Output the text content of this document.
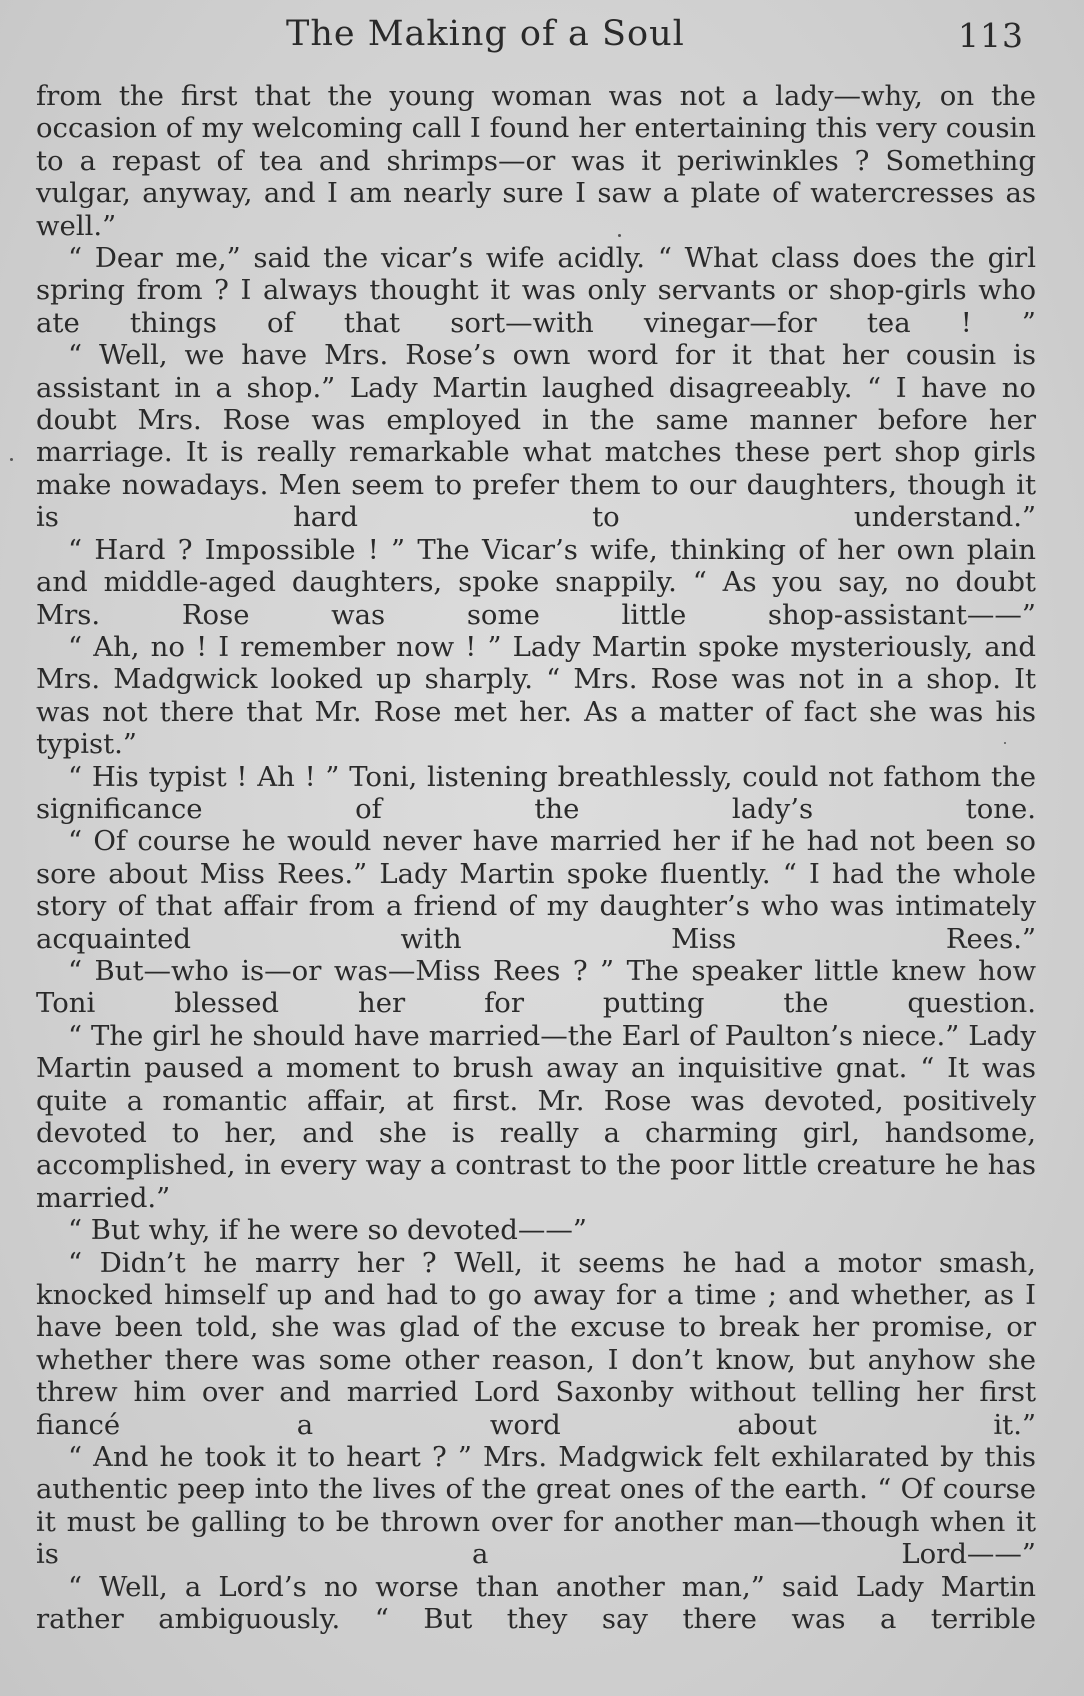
The Making of a Soul	113

from the first that the young woman was not a lady—why, on the occasion of my welcoming call I found her entertaining this very cousin to a repast of tea and shrimps—or was it periwinkles ? Something vulgar, anyway, and I am nearly sure I saw a plate of watercresses as well.”

“ Dear me,” said the vicar’s wife acidly. “ What class does the girl spring from ? I always thought it was only servants or shop-girls who ate things of that sort—with vinegar—for tea ! ”

“ Well, we have Mrs. Rose’s own word for it that her cousin is assistant in a shop.” Lady Martin laughed disagreeably. “ I have no doubt Mrs. Rose was employed in the same manner before her marriage. It is really remarkable what matches these pert shop girls make nowadays. Men seem to prefer them to our daughters, though it is hard to understand.”

“ Hard ? Impossible ! ” The Vicar’s wife, thinking of her own plain and middle-aged daughters, spoke snappily. “ As you say, no doubt Mrs. Rose was some little shop-assistant——”

“ Ah, no ! I remember now ! ” Lady Martin spoke mysteriously, and Mrs. Madgwick looked up sharply. “ Mrs. Rose was not in a shop. It was not there that Mr. Rose met her. As a matter of fact she was his typist.”

“ His typist ! Ah ! ” Toni, listening breathlessly, could not fathom the significance of the lady’s tone.

“ Of course he would never have married her if he had not been so sore about Miss Rees.” Lady Martin spoke fluently. “ I had the whole story of that affair from a friend of my daughter’s who was intimately acquainted with Miss Rees.”

“ But—who is—or was—Miss Rees ? ” The speaker little knew how Toni blessed her for putting the question.

“ The girl he should have married—the Earl of Paulton’s niece.” Lady Martin paused a moment to brush away an inquisitive gnat. “ It was quite a romantic affair, at first. Mr. Rose was devoted, positively devoted to her, and she is really a charming girl, handsome, accomplished, in every way a contrast to the poor little creature he has married.”

“ But why, if he were so devoted——”

“ Didn’t he marry her ? Well, it seems he had a motor smash, knocked himself up and had to go away for a time ; and whether, as I have been told, she was glad of the excuse to break her promise, or whether there was some other reason, I don’t know, but anyhow she threw him over and married Lord Saxonby without telling her first fiancé a word about it.”

“ And he took it to heart ? ” Mrs. Madgwick felt exhilarated by this authentic peep into the lives of the great ones of the earth. “ Of course it must be galling to be thrown over for another man—though when it is a Lord——”

“ Well, a Lord’s no worse than another man,” said Lady Martin rather ambiguously. “ But they say there was a terrible
